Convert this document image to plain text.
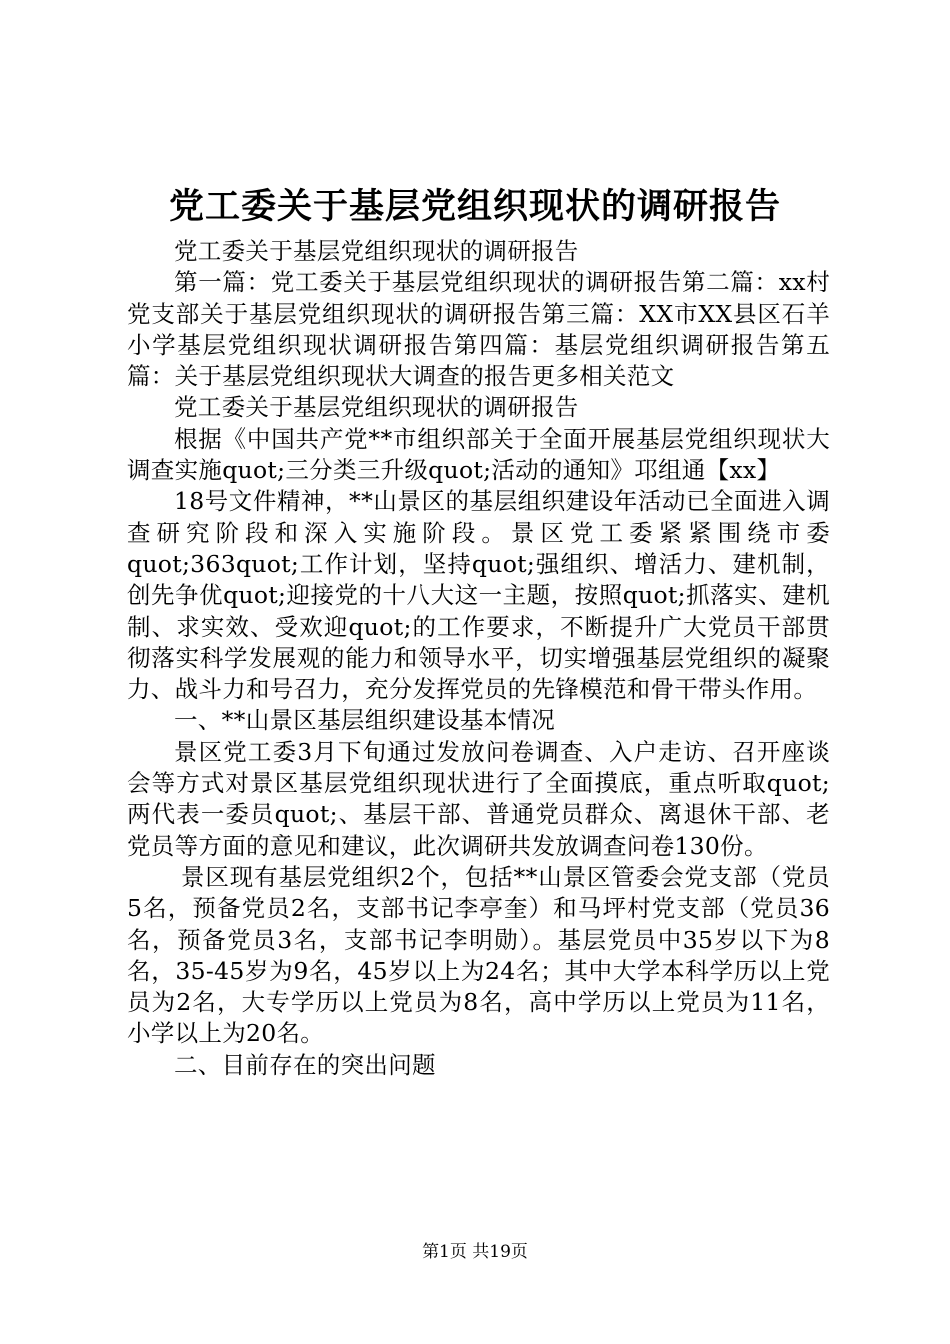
党工委关于基层党组织现状的调研报告

党工委关于基层党组织现状的调研报告

第一篇：党工委关于基层党组织现状的调研报告第二篇：xx村党支部关于基层党组织现状的调研报告第三篇：XX市XX县区石羊小学基层党组织现状调研报告第四篇：基层党组织调研报告第五篇：关于基层党组织现状大调查的报告更多相关范文

党工委关于基层党组织现状的调研报告

根据《中国共产党**市组织部关于全面开展基层党组织现状大调查实施quot;三分类三升级quot;活动的通知》邛组通【xx】

18号文件精神，**山景区的基层组织建设年活动已全面进入调查研究阶段和深入实施阶段。景区党工委紧紧围绕市委quot;363quot;工作计划，坚持quot;强组织、增活力、建机制，创先争优quot;迎接党的十八大这一主题，按照quot;抓落实、建机制、求实效、受欢迎quot;的工作要求，不断提升广大党员干部贯彻落实科学发展观的能力和领导水平，切实增强基层党组织的凝聚力、战斗力和号召力，充分发挥党员的先锋模范和骨干带头作用。

一、**山景区基层组织建设基本情况

景区党工委3月下旬通过发放问卷调查、入户走访、召开座谈会等方式对景区基层党组织现状进行了全面摸底，重点听取quot;两代表一委员quot;、基层干部、普通党员群众、离退休干部、老党员等方面的意见和建议，此次调研共发放调查问卷130份。

景区现有基层党组织2个，包括**山景区管委会党支部（党员5名，预备党员2名，支部书记李亭奎）和马坪村党支部（党员36名，预备党员3名，支部书记李明勋）。基层党员中35岁以下为8名，35-45岁为9名，45岁以上为24名；其中大学本科学历以上党员为2名，大专学历以上党员为8名，高中学历以上党员为11名，小学以上为20名。

二、目前存在的突出问题

第1页 共19页
